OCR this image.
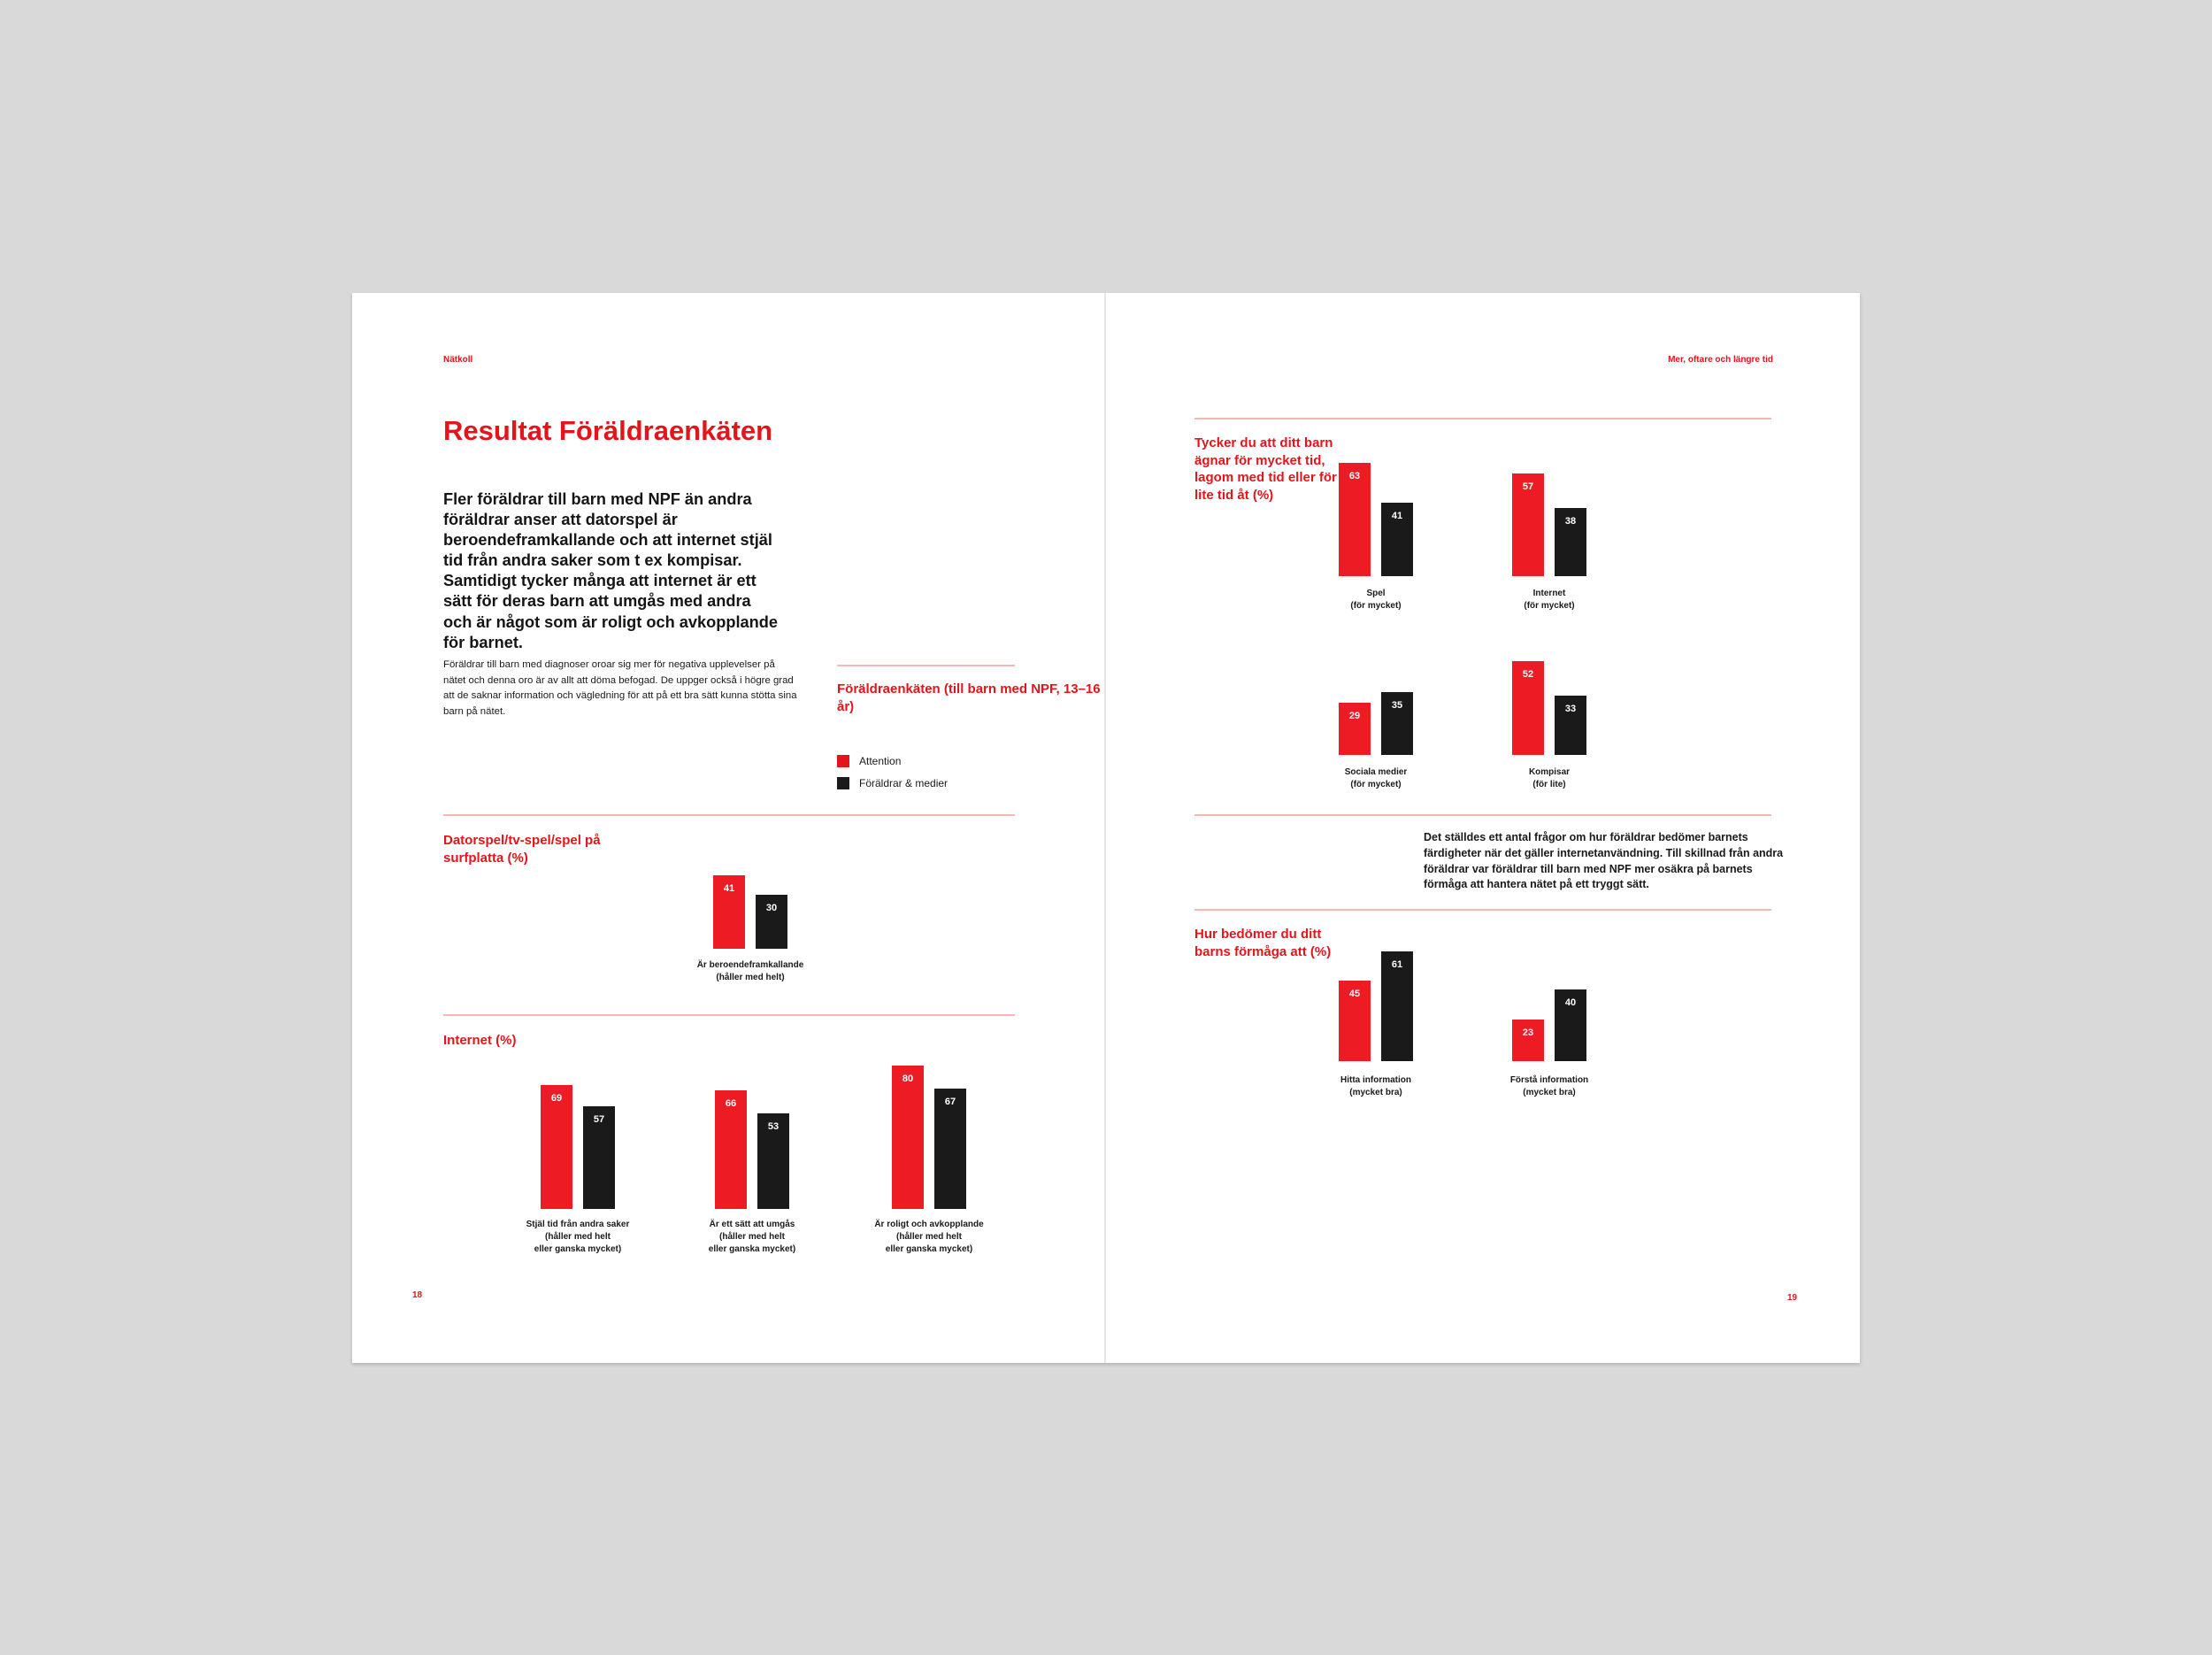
Nätkoll
Resultat Föräldraenkäten
Fler föräldrar till barn med NPF än andra föräldrar anser att datorspel är beroendeframkallande och att internet stjäl tid från andra saker som t ex kompisar. Samtidigt tycker många att internet är ett sätt för deras barn att umgås med andra och är något som är roligt och avkopplande för barnet.
Föräldrar till barn med diagnoser oroar sig mer för negativa upplevelser på nätet och denna oro är av allt att döma befogad. De uppger också i högre grad att de saknar information och vägledning för att på ett bra sätt kunna stötta sina barn på nätet.
Föräldraenkäten (till barn med NPF, 13–16 år)
Attention
Föräldrar & medier
Datorspel/tv-spel/spel på surfplatta (%)
41
30
Är beroendeframkallande
(håller med helt)
Internet (%)
69
57
Stjäl tid från andra saker
(håller med helt
eller ganska mycket)
66
53
Är ett sätt att umgås
(håller med helt
eller ganska mycket)
80
67
Är roligt och avkopplande
(håller med helt
eller ganska mycket)
18
Mer, oftare och längre tid
Tycker du att ditt barn ägnar för mycket tid, lagom med tid eller för lite tid åt (%)
63
41
Spel
(för mycket)
57
38
Internet
(för mycket)
29
35
Sociala medier
(för mycket)
52
33
Kompisar
(för lite)
Det ställdes ett antal frågor om hur föräldrar bedömer barnets färdigheter när det gäller internetanvändning. Till skillnad från andra föräldrar var föräldrar till barn med NPF mer osäkra på barnets förmåga att hantera nätet på ett tryggt sätt.
Hur bedömer du ditt barns förmåga att (%)
45
61
Hitta information
(mycket bra)
23
40
Förstå information
(mycket bra)
19
